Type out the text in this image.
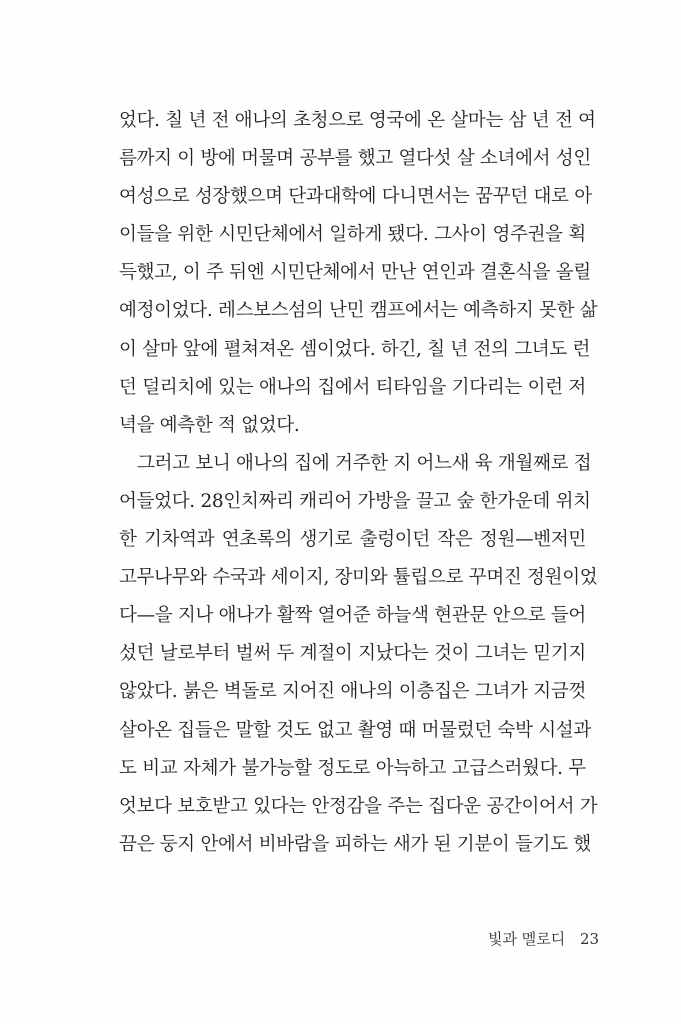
었다. 칠 년 전 애나의 초청으로 영국에 온 살마는 삼 년 전 여
름까지 이 방에 머물며 공부를 했고 열다섯 살 소녀에서 성인
여성으로 성장했으며 단과대학에 다니면서는 꿈꾸던 대로 아
이들을 위한 시민단체에서 일하게 됐다. 그사이 영주권을 획
득했고, 이 주 뒤엔 시민단체에서 만난 연인과 결혼식을 올릴
예정이었다. 레스보스섬의 난민 캠프에서는 예측하지 못한 삶
이 살마 앞에 펼쳐져온 셈이었다. 하긴, 칠 년 전의 그녀도 런
던 덜리치에 있는 애나의 집에서 티타임을 기다리는 이런 저
녁을 예측한 적 없었다.
그러고 보니 애나의 집에 거주한 지 어느새 육 개월째로 접
어들었다. 28인치짜리 캐리어 가방을 끌고 숲 한가운데 위치
한 기차역과 연초록의 생기로 출렁이던 작은 정원—벤저민
고무나무와 수국과 세이지, 장미와 튤립으로 꾸며진 정원이었
다—을 지나 애나가 활짝 열어준 하늘색 현관문 안으로 들어
섰던 날로부터 벌써 두 계절이 지났다는 것이 그녀는 믿기지
않았다. 붉은 벽돌로 지어진 애나의 이층집은 그녀가 지금껏
살아온 집들은 말할 것도 없고 촬영 때 머물렀던 숙박 시설과
도 비교 자체가 불가능할 정도로 아늑하고 고급스러웠다. 무
엇보다 보호받고 있다는 안정감을 주는 집다운 공간이어서 가
끔은 둥지 안에서 비바람을 피하는 새가 된 기분이 들기도 했
빛과 멜로디 23
